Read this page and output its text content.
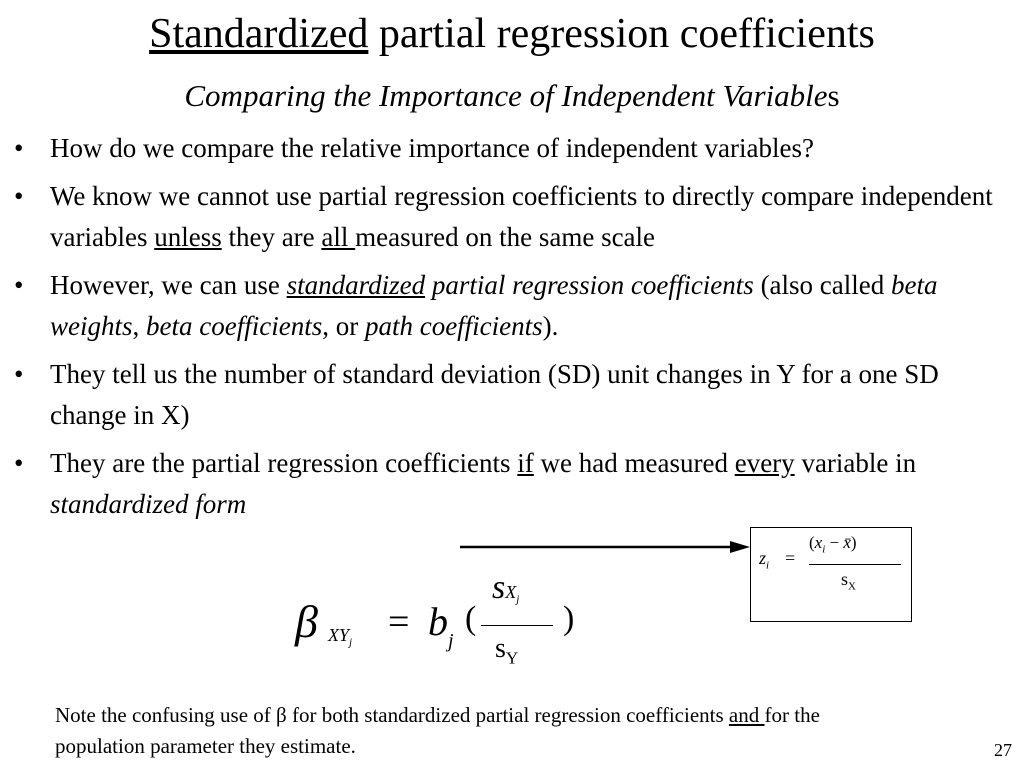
Standardized partial regression coefficients
Comparing the Importance of Independent Variables
• How do we compare the relative importance of independent variables?
• We know we cannot use partial regression coefficients to directly compare independent variables unless they are all measured on the same scale
• However, we can use standardized partial regression coefficients (also called beta weights, beta coefficients, or path coefficients).
• They tell us the number of standard deviation (SD) unit changes in Y for a one SD change in X)
• They are the partial regression coefficients if we had measured every variable in standardized form
$z_i$ =
($x_i$ − x̄)
$s_X$
β $XY_j = b$ j
(
$sX_j$
$s_Y$
)
Note the confusing use of β for both standardized partial regression coefficients and for the population parameter they estimate.	27
